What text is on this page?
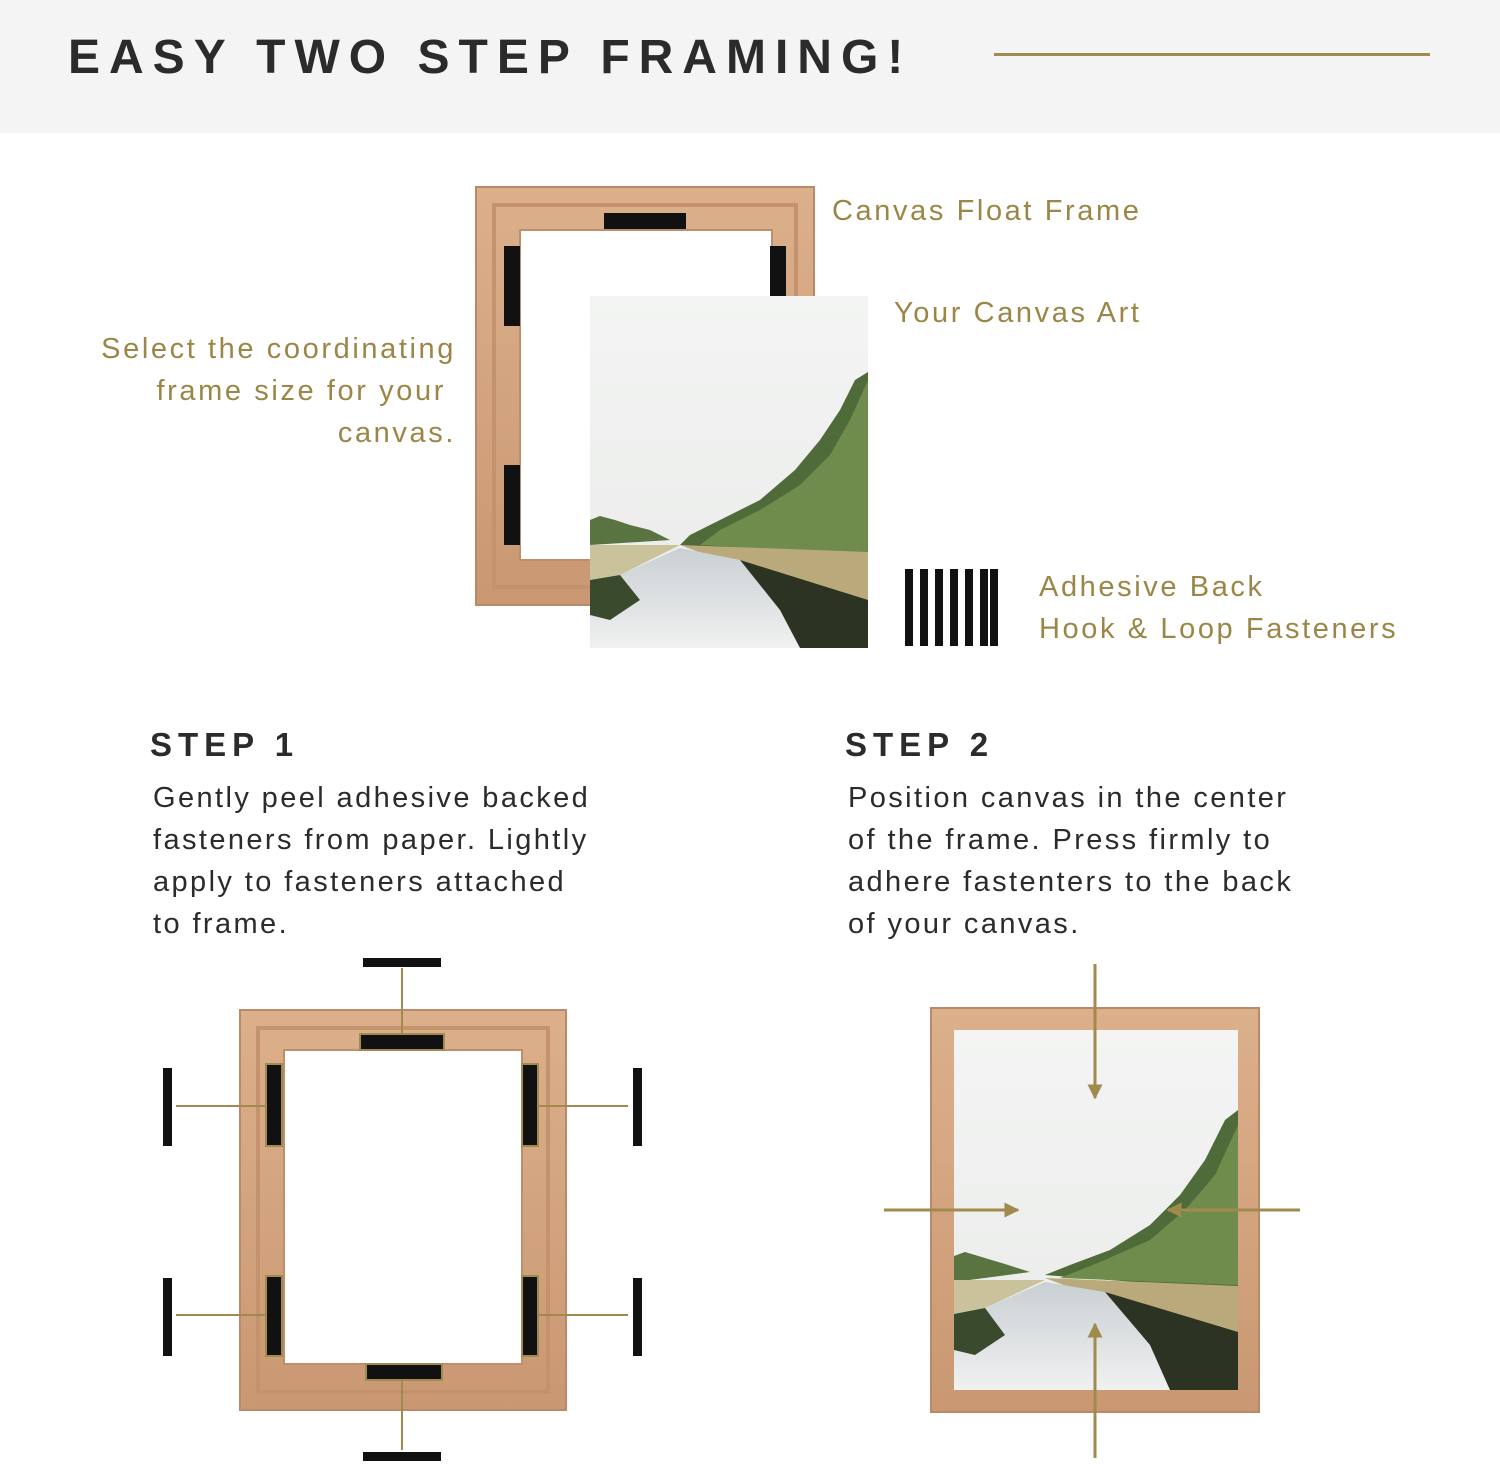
EASY TWO STEP FRAMING!
Canvas Float Frame
Your Canvas Art
Select the coordinating
frame size for your
canvas.
Adhesive Back
Hook & Loop Fasteners
STEP 1
Gently peel adhesive backed
fasteners from paper. Lightly
apply to fasteners attached
to frame.
STEP 2
Position canvas in the center
of the frame. Press firmly to
adhere fastenters to the back
of your canvas.
